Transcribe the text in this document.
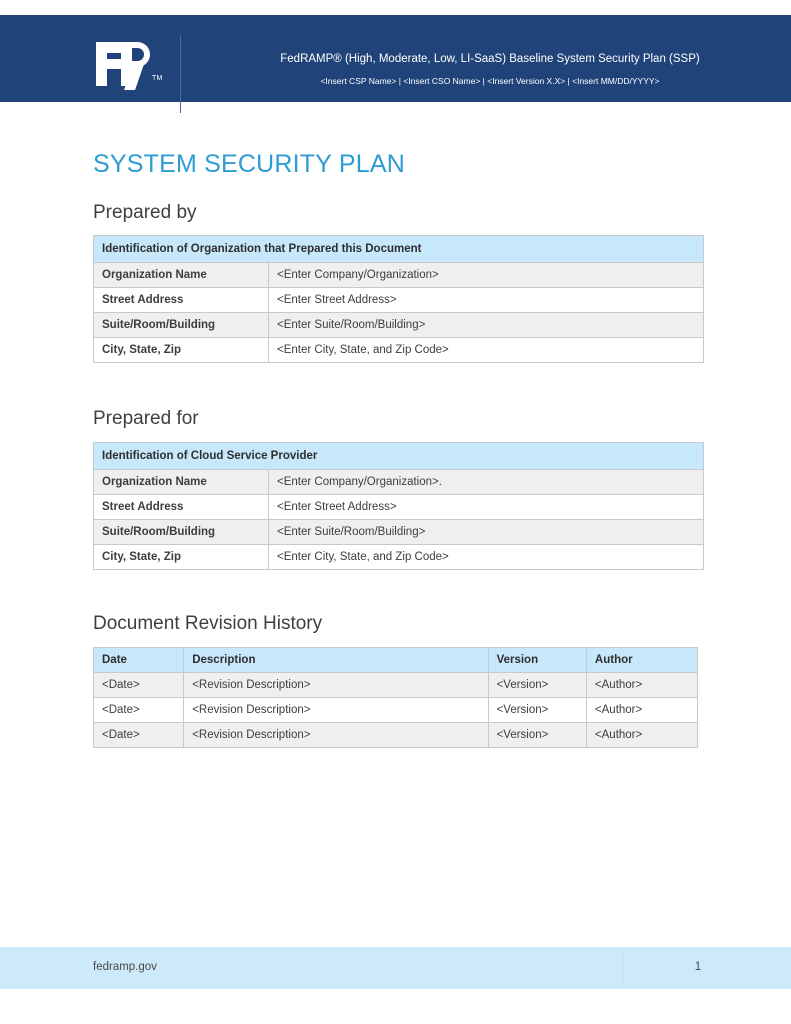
TM
FedRAMP® (High, Moderate, Low, LI-SaaS) Baseline System Security Plan (SSP)
<Insert CSP Name> | <Insert CSO Name> | <Insert Version X.X> | <Insert MM/DD/YYYY>
SYSTEM SECURITY PLAN
Prepared by
Identification of Organization that Prepared this Document	
Organization Name	<Enter Company/Organization>
Street Address	<Enter Street Address>
Suite/Room/Building	<Enter Suite/Room/Building>
City, State, Zip	<Enter City, State, and Zip Code>
Prepared for
Identification of Cloud Service Provider	
Organization Name	<Enter Company/Organization>.
Street Address	<Enter Street Address>
Suite/Room/Building	<Enter Suite/Room/Building>
City, State, Zip	<Enter City, State, and Zip Code>
Document Revision History
Date	Description	Version	Author
<Date>	<Revision Description>	<Version>	<Author>
<Date>	<Revision Description>	<Version>	<Author>
<Date>	<Revision Description>	<Version>	<Author>
fedramp.gov	1
